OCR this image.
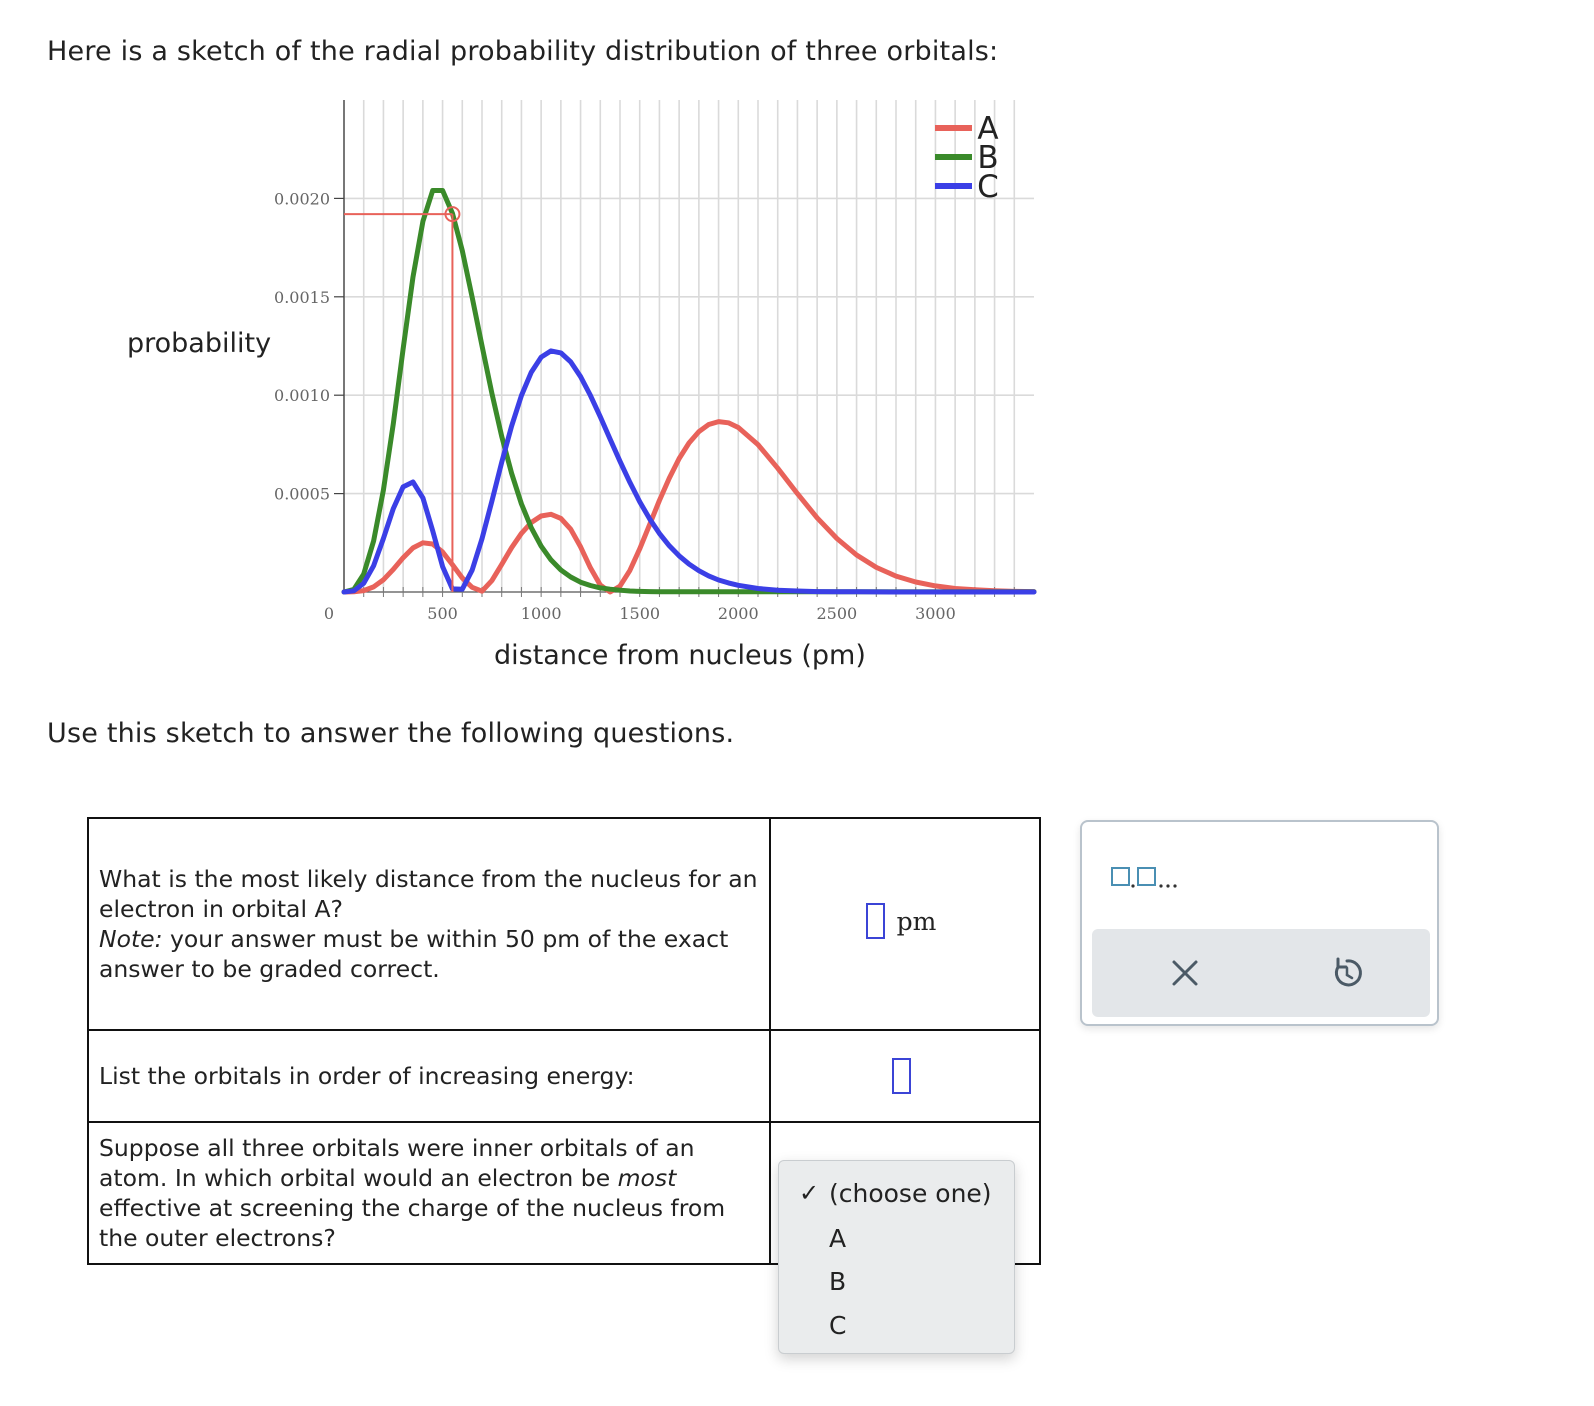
Here is a sketch of the radial probability distribution of three orbitals:
probability
distance from nucleus (pm)
0.0005
0.0010
0.0015
0.0020
0	500	1000	1500	2000	2500	3000
A
B
C
Use this sketch to answer the following questions.
What is the most likely distance from the nucleus for an electron in orbital A?
Note: your answer must be within 50 pm of the exact answer to be graded correct.	pm

List the orbitals in order of increasing energy:	

Suppose all three orbitals were inner orbitals of an atom. In which orbital would an electron be most effective at screening the charge of the nucleus from the outer electrons?	
✓ (choose one)
A
B
C
